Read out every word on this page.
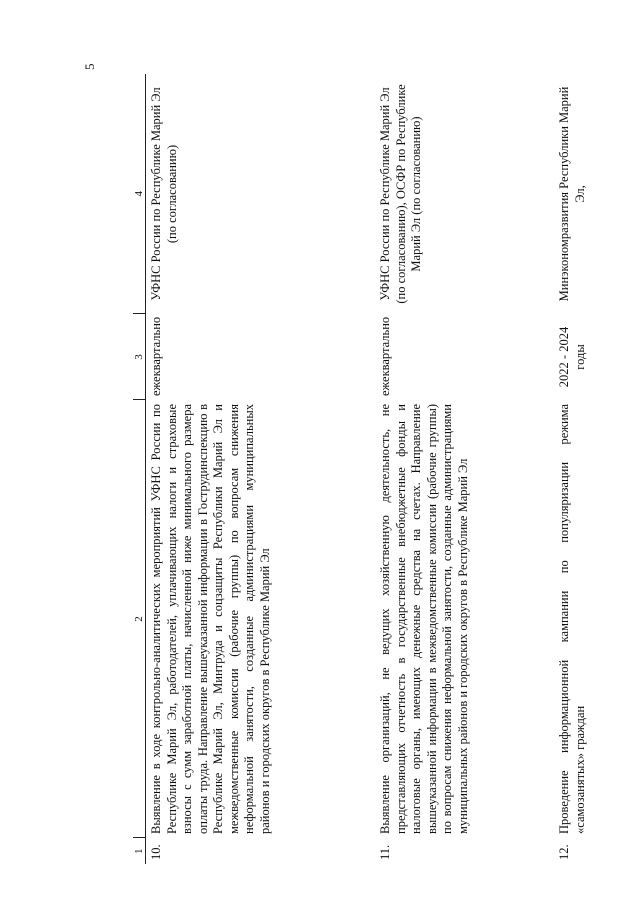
5
1	2	3	4
10.	Выявление в ходе контрольно-аналитических мероприятий УФНС России по Республике Марий Эл, работодателей, уплачивающих налоги и страховые взносы с сумм заработной платы, начисленной ниже минимального размера оплаты труда. Направление вышеуказанной информации в Гострудинспекцию в Республике Марий Эл, Минтруда и соцзащиты Республики Марий Эл и межведомственные комиссии (рабочие группы) по вопросам снижения неформальной занятости, созданные администрациями муниципальных районов и городских округов в Республике Марий Эл	ежеквартально	УФНС России по Республике Марий Эл (по согласованию)
11.	Выявление организаций, не ведущих хозяйственную деятельность, не представляющих отчетность в государственные внебюджетные фонды и налоговые органы, имеющих денежные средства на счетах. Направление вышеуказанной информации в межведомственные комиссии (рабочие группы) по вопросам снижения неформальной занятости, созданные администрациями муниципальных районов и городских округов в Республике Марий Эл	ежеквартально	УФНС России по Республике Марий Эл (по согласованию), ОСФР по Республике Марий Эл (по согласованию)
12.	Проведение информационной кампании по популяризации режима «самозанятых» граждан	2022 - 2024 годы	Минэкономразвития Республики Марий Эл,
